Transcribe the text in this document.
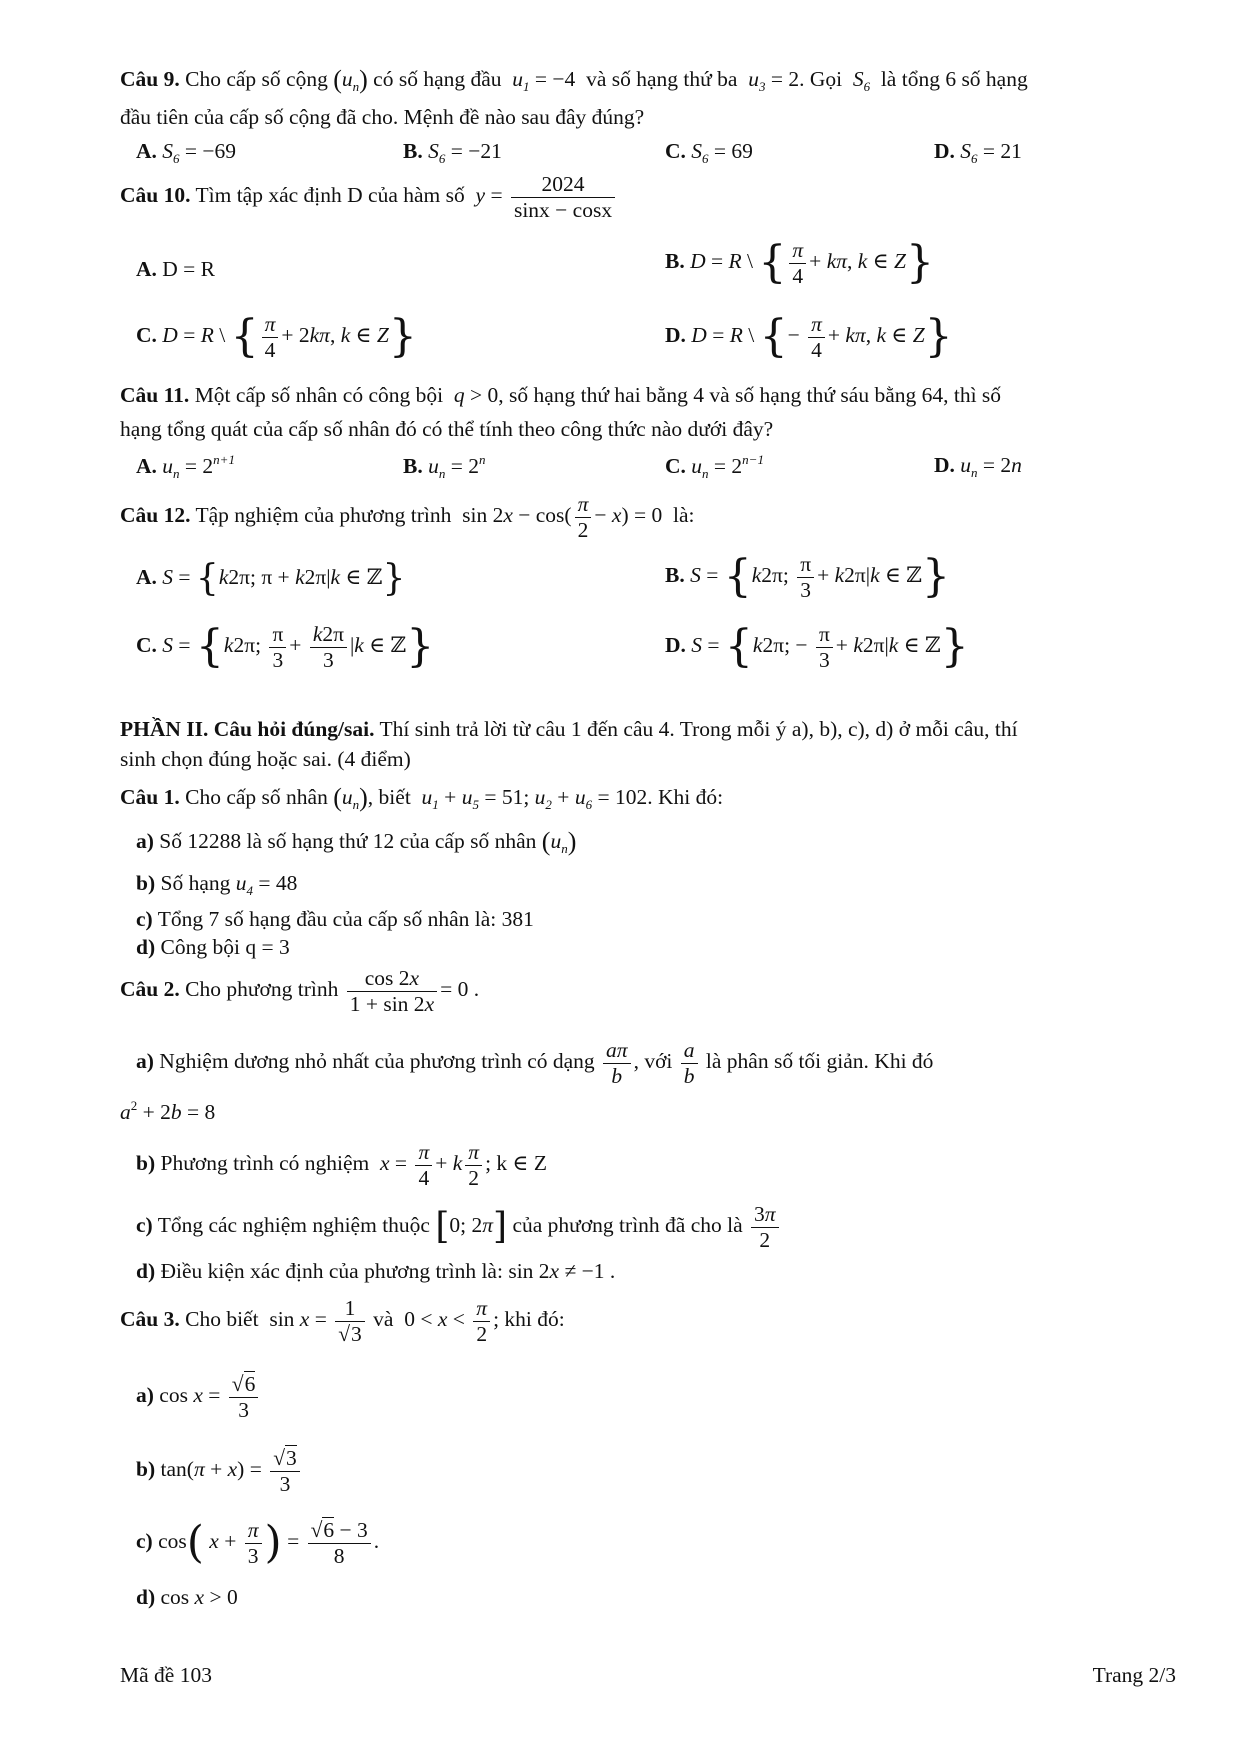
Câu 9. Cho cấp số cộng $(u_n)$ có số hạng đầu  $u_1 = -4$ và số hạng thứ ba  $u_3 = 2$. Gọi  $S_6$ là tổng 6 số hạng
đầu tiên của cấp số cộng đã cho. Mệnh đề nào sau đây đúng?
A. $S_6 = -69$	B. $S_6 = -21$	C. $S_6 = 69$	D. $S_6 = 21$
Câu 10. Tìm tập xác định D của hàm số  $y = \frac{2024}{\sin x - \cos x}$
A. D = R	B. D = R \ { $\frac{\pi}{4} + k\pi$, k ∈ Z}
C. D = R \ { $\frac{\pi}{4} + 2k\pi$, k ∈ Z}	D. D = R \ {− $\frac{\pi}{4} + k\pi$, k ∈ Z}
Câu 11. Một cấp số nhân có công bội  q > 0, số hạng thứ hai bằng 4 và số hạng thứ sáu bằng 64, thì số
hạng tổng quát của cấp số nhân đó có thể tính theo công thức nào dưới đây?
A. $u_n = 2^{n+1}$	B. $u_n = 2^n$	C. $u_n = 2^{n-1}$	D. $u_n = 2n$
Câu 12. Tập nghiệm của phương trình  $\sin 2x - \cos( \frac{\pi}{2} - x) = 0$  là:
A. S = {k2π; π + k2π|k ∈ ℤ}	B. S = {k2π; $\frac{\pi}{3} + k2\pi|k$ ∈ ℤ}
C. S = {k2π; $\frac{\pi}{3} + \frac{k2\pi}{3} |k$ ∈ ℤ}	D. S = {k2π; − $\frac{\pi}{3} + k2\pi|k$ ∈ ℤ}
PHẦN II. Câu hỏi đúng/sai. Thí sinh trả lời từ câu 1 đến câu 4. Trong mỗi ý a), b), c), d) ở mỗi câu, thí
sinh chọn đúng hoặc sai. (4 điểm)
Câu 1. Cho cấp số nhân $(u_n)$, biết $u_1 + u_5 = 51$; $u_2 + u_6 = 102$. Khi đó:
a) Số 12288 là số hạng thứ 12 của cấp số nhân $(u_n)$
b) Số hạng $u_4 = 48$
c) Tổng 7 số hạng đầu của cấp số nhân là: 381
d) Công bội q = 3
Câu 2. Cho phương trình $\frac{\cos 2x}{1 + \sin 2x} = 0$ .
a) Nghiệm dương nhỏ nhất của phương trình có dạng $\frac{a\pi}{b}$ , với $\frac{a}{b}$ là phân số tối giản. Khi đó
$a^2 + 2b = 8$
b) Phương trình có nghiệm $x = \frac{\pi}{4} + k \frac{\pi}{2}$ ; k ∈ Z
c) Tổng các nghiệm nghiệm thuộc [0; 2π] của phương trình đã cho là $\frac{3\pi}{2}$
d) Điều kiện xác định của phương trình là: sin 2x ≠ −1 .
Câu 3. Cho biết  $\sin x = \frac{1}{√3}$ và  $0 < x < \frac{\pi}{2}$ ; khi đó:
a) $\cos x = \frac{√6}{3}$
b) $\tan(\pi + x) = \frac{√3}{3}$
c) cos( $x + \frac{\pi}{3}$ ) = $\frac{√6 - 3}{8}$ .
d) cos x > 0
Mã đề 103	Trang 2/3
